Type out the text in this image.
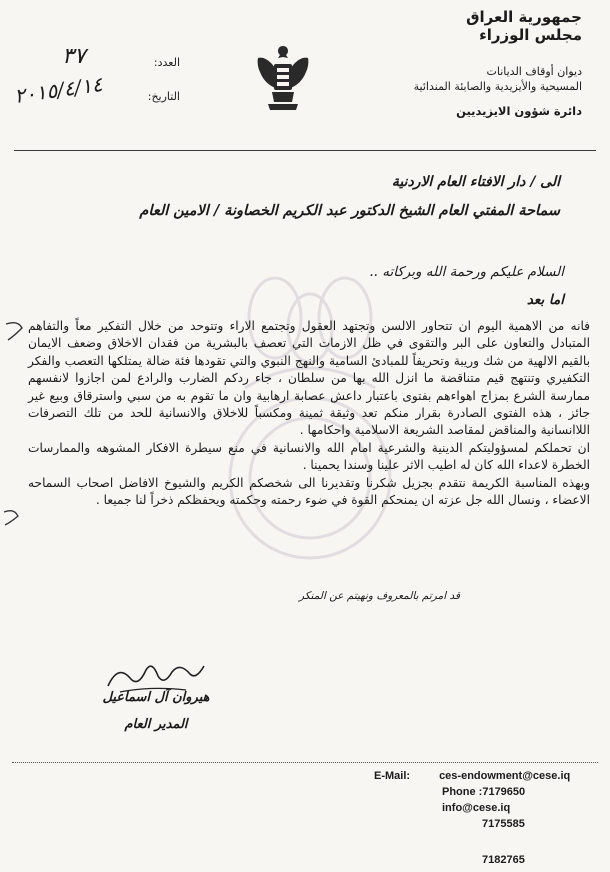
جمهورية العراق
مجلس الوزراء
ديوان أوقاف الديانات
المسيحية والأيزيدية والصابئة المندائية
دائرة شؤون الايزيديين
العدد:
٣٧
التاريخ:
٢٠١٥/٤/١٤
الى / دار الافتاء العام الاردنية
سماحة المفتي العام الشيخ الدكتور عبد الكريم الخصاونة / الامين العام
السلام عليكم ورحمة الله وبركاته ..
اما بعد

فانه من الاهمية اليوم ان تتحاور الالسن وتجتهد العقول وتجتمع الاراء وتتوحد من خلال التفكير معاً والتفاهم المتبادل والتعاون على البر والتقوى في ظل الازمات التي تعصف بالبشرية من فقدان الاخلاق وضعف الايمان بالقيم الالهية من شك وريبة وتحريفاً للمبادئ السامية والنهج النبوي والتي تقودها فئة ضالة يمتلكها التعصب والفكر التكفيري وتنتهج قيم متناقضة ما انزل الله بها من سلطان ، جاء ردكم الضارب والرادع لمن اجازوا لانفسهم ممارسة الشرع بمزاج اهواءهم بفتوى باعتبار داعش عصابة ارهابية وان ما تقوم به من سبي واسترقاق وبيع غير جائز ، هذه الفتوى الصادرة بقرار منكم تعد وثيقة ثمينة ومكسباً للاخلاق والانسانية للحد من تلك التصرفات اللاانسانية والمناقض لمقاصد الشريعة الاسلامية واحكامها .

ان تحملكم لمسؤوليتكم الدينية والشرعية امام الله والانسانية في منع سيطرة الافكار المشوهه والممارسات الخطرة لاعداء الله كان له اطيب الاثر علينا وسندا يحمينا .

وبهذه المناسبة الكريمة نتقدم بجزيل شكرنا وتقديرنا الى شخصكم الكريم والشيوخ الافاضل اصحاب السماحه الاعضاء ، ونسال الله جل عزته ان يمنحكم القوة في ضوء رحمته وحكمته ويحفظكم ذخراً لنا جميعا .

قد امرتم بالمعروف ونهيتم عن المنكر
هيروان آل اسماعيل
المدير العام
E-Mail:	ces-endowment@cese.iq
Phone :7179650
info@cese.iq
7175585
7182765
